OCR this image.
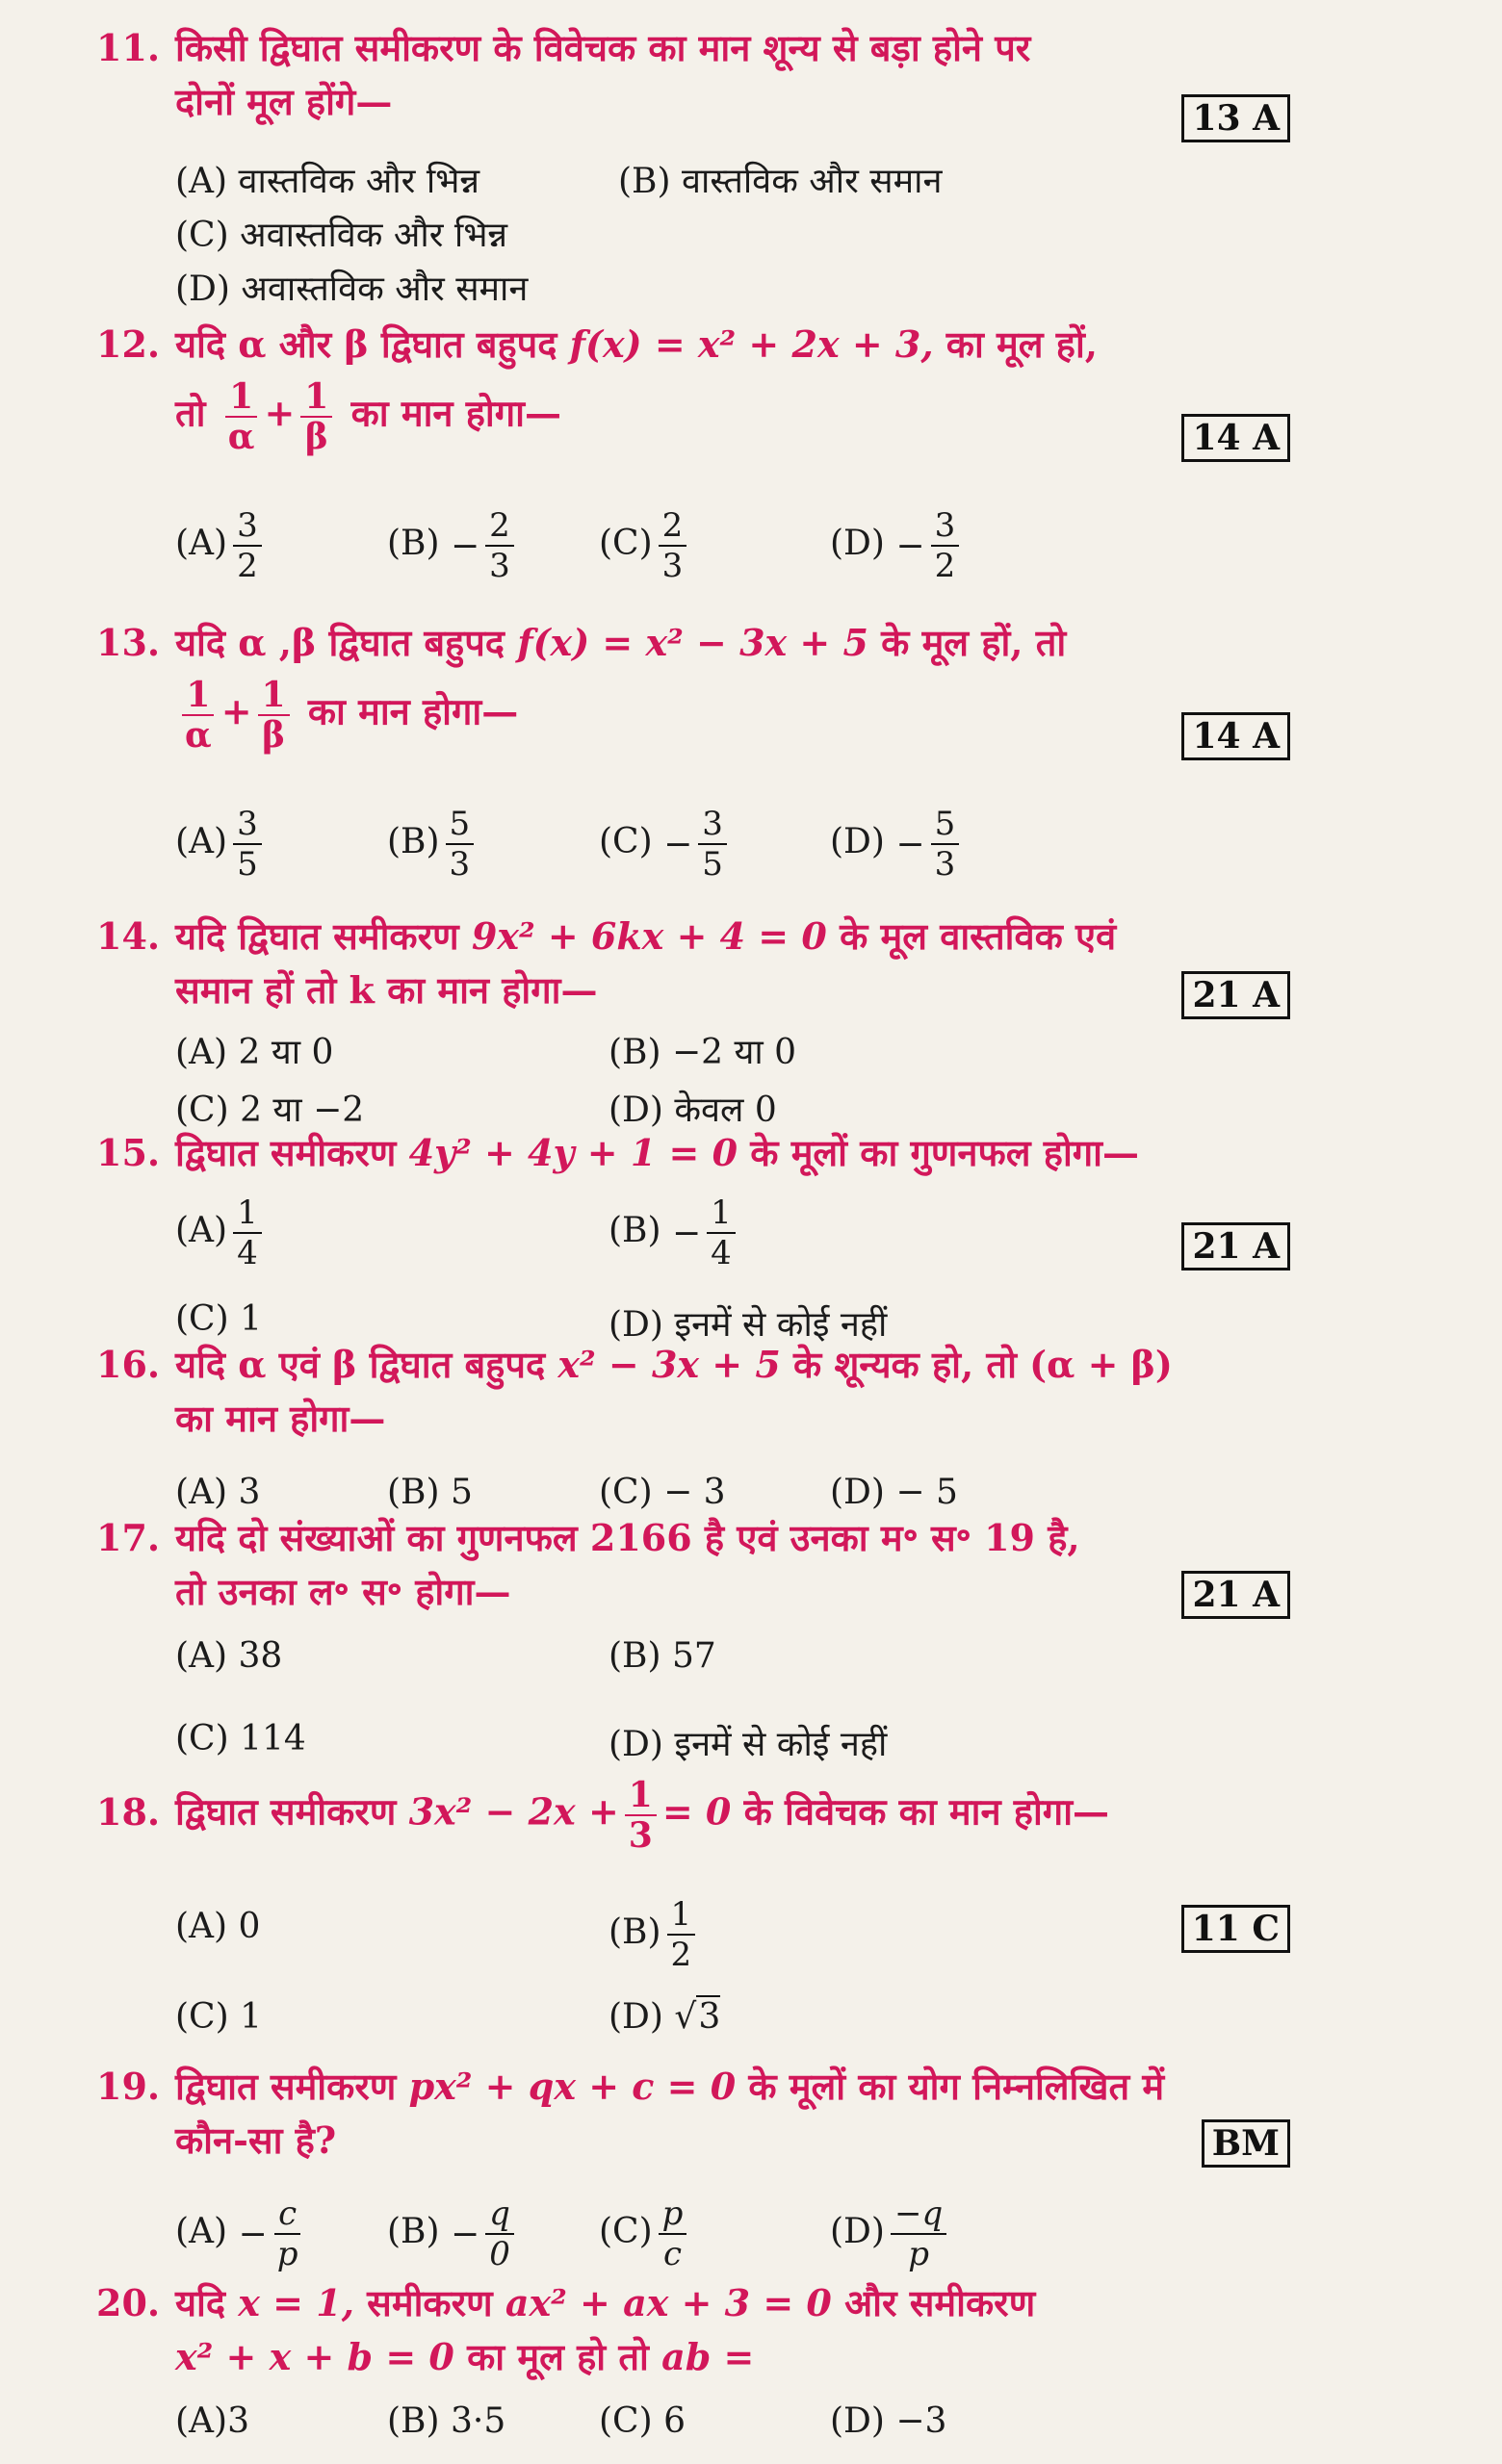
11. किसी द्विघात समीकरण के विवेचक का मान शून्य से बड़ा होने पर
दोनों मूल होंगे—	13 A
(A) वास्तविक और भिन्न	(B) वास्तविक और समान
(C) अवास्तविक और भिन्न
(D) अवास्तविक और समान
12. यदि α और β द्विघात बहुपद f(x) = x² + 2x + 3, का मूल हों,
तो $\frac{1}{\alpha} + \frac{1}{\beta}$ का मान होगा—
14 A
$(A) \frac{3}{2}$	$(B) - \frac{2}{3} (C) \frac{2}{3}$	$(D) - \frac{3}{2}$
13. यदि α ,β द्विघात बहुपद f(x) = x² − 3x + 5 के मूल हों, तो
$\frac{1}{\alpha} + \frac{1}{\beta}$ का मान होगा—
14 A
$(A) \frac{3}{5}$	$(B) \frac{5}{3}$	$(C) - \frac{3}{5}$	$(D) - \frac{5}{3}$
14. यदि द्विघात समीकरण 9x² + 6kx + 4 = 0 के मूल वास्तविक एवं
समान हों तो k का मान होगा—	21 A
(A) 2 या 0	(B) −2 या 0
(C) 2 या −2	(D) केवल 0
15. द्विघात समीकरण 4y² + 4y + 1 = 0 के मूलों का गुणनफल होगा—
21 A
$(A) \frac{1}{4}$	$(B) - \frac{1}{4}$
(C) 1	(D) इनमें से कोई नहीं
16. यदि α एवं β द्विघात बहुपद x² − 3x + 5 के शून्यक हो, तो (α + β)
का मान होगा—
(A) 3	(B) 5	(C) − 3	(D) − 5
17. यदि दो संख्याओं का गुणनफल 2166 है एवं उनका म॰ स॰ 19 है,
तो उनका ल॰ स॰ होगा—	21 A
(A) 38	(B) 57
(C) 114	(D) इनमें से कोई नहीं
18. द्विघात समीकरण $3x^2 - 2x + \frac{1}{3} = 0$ के विवेचक का मान होगा—
11 C
(A) 0	$(B) \frac{1}{2}$
(C) 1	(D) √3
19. द्विघात समीकरण px² + qx + c = 0 के मूलों का योग निम्नलिखित में
कौन-सा है?	BM
$(A) - \frac{c}{p} (B) - \frac{q}{0} (C) \frac{p}{c}$	$(D) \frac{-q}{p}$
20. यदि x = 1, समीकरण ax² + ax + 3 = 0 और समीकरण
x² + x + b = 0 का मूल हो तो ab =
(A)3	(B) 3·5	(C) 6	(D) −3
